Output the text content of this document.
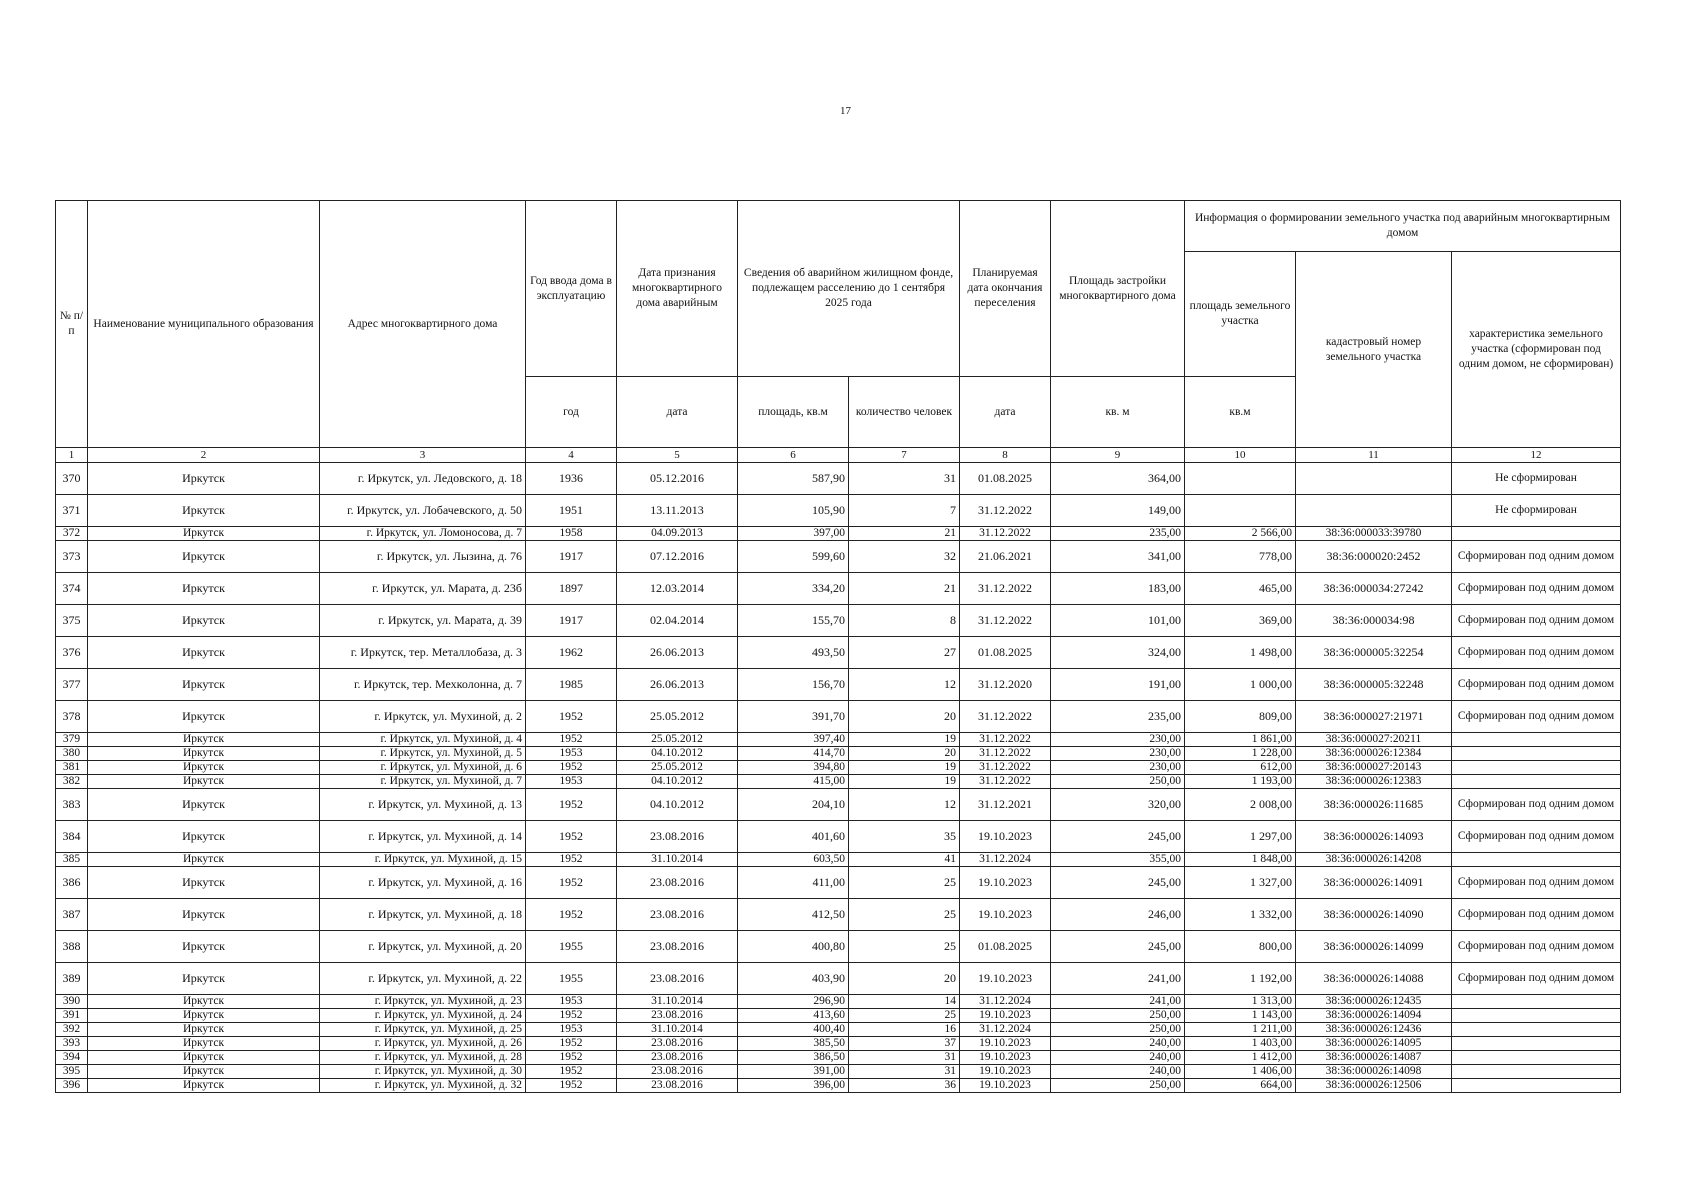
17
№ п/п	Наименование муниципального образования	Адрес многоквартирного дома	Год ввода дома в эксплуатацию	Дата признания многоквартирного дома аварийным	Сведения об аварийном жилищном фонде, подлежащем расселению до 1 сентября 2025 года		Планируемая дата окончания переселения	Площадь застройки многоквартирного дома	Информация о формировании земельного участка под аварийным многоквартирным домом		
									площадь земельного участка	кадастровый номер земельного участка	характеристика земельного участка (сформирован под одним домом, не сформирован)
			год	дата	площадь, кв.м	количество человек	дата	кв. м	кв.м		
1	2	3	4	5	6	7	8	9	10	11	12
370	Иркутск	г. Иркутск, ул. Ледовского, д. 18	1936	05.12.2016	587,90	31	01.08.2025	364,00			Не сформирован
371	Иркутск	г. Иркутск, ул. Лобачевского, д. 50	1951	13.11.2013	105,90	7	31.12.2022	149,00			Не сформирован
372	Иркутск	г. Иркутск, ул. Ломоносова, д. 7	1958	04.09.2013	397,00	21	31.12.2022	235,00	2 566,00	38:36:000033:39780	
373	Иркутск	г. Иркутск, ул. Лызина, д. 76	1917	07.12.2016	599,60	32	21.06.2021	341,00	778,00	38:36:000020:2452	Сформирован под одним домом
374	Иркутск	г. Иркутск, ул. Марата, д. 23б	1897	12.03.2014	334,20	21	31.12.2022	183,00	465,00	38:36:000034:27242	Сформирован под одним домом
375	Иркутск	г. Иркутск, ул. Марата, д. 39	1917	02.04.2014	155,70	8	31.12.2022	101,00	369,00	38:36:000034:98	Сформирован под одним домом
376	Иркутск	г. Иркутск, тер. Металлобаза, д. 3	1962	26.06.2013	493,50	27	01.08.2025	324,00	1 498,00	38:36:000005:32254	Сформирован под одним домом
377	Иркутск	г. Иркутск, тер. Мехколонна, д. 7	1985	26.06.2013	156,70	12	31.12.2020	191,00	1 000,00	38:36:000005:32248	Сформирован под одним домом
378	Иркутск	г. Иркутск, ул. Мухиной, д. 2	1952	25.05.2012	391,70	20	31.12.2022	235,00	809,00	38:36:000027:21971	Сформирован под одним домом
379	Иркутск	г. Иркутск, ул. Мухиной, д. 4	1952	25.05.2012	397,40	19	31.12.2022	230,00	1 861,00	38:36:000027:20211	
380	Иркутск	г. Иркутск, ул. Мухиной, д. 5	1953	04.10.2012	414,70	20	31.12.2022	230,00	1 228,00	38:36:000026:12384	
381	Иркутск	г. Иркутск, ул. Мухиной, д. 6	1952	25.05.2012	394,80	19	31.12.2022	230,00	612,00	38:36:000027:20143	
382	Иркутск	г. Иркутск, ул. Мухиной, д. 7	1953	04.10.2012	415,00	19	31.12.2022	250,00	1 193,00	38:36:000026:12383	
383	Иркутск	г. Иркутск, ул. Мухиной, д. 13	1952	04.10.2012	204,10	12	31.12.2021	320,00	2 008,00	38:36:000026:11685	Сформирован под одним домом
384	Иркутск	г. Иркутск, ул. Мухиной, д. 14	1952	23.08.2016	401,60	35	19.10.2023	245,00	1 297,00	38:36:000026:14093	Сформирован под одним домом
385	Иркутск	г. Иркутск, ул. Мухиной, д. 15	1952	31.10.2014	603,50	41	31.12.2024	355,00	1 848,00	38:36:000026:14208	
386	Иркутск	г. Иркутск, ул. Мухиной, д. 16	1952	23.08.2016	411,00	25	19.10.2023	245,00	1 327,00	38:36:000026:14091	Сформирован под одним домом
387	Иркутск	г. Иркутск, ул. Мухиной, д. 18	1952	23.08.2016	412,50	25	19.10.2023	246,00	1 332,00	38:36:000026:14090	Сформирован под одним домом
388	Иркутск	г. Иркутск, ул. Мухиной, д. 20	1955	23.08.2016	400,80	25	01.08.2025	245,00	800,00	38:36:000026:14099	Сформирован под одним домом
389	Иркутск	г. Иркутск, ул. Мухиной, д. 22	1955	23.08.2016	403,90	20	19.10.2023	241,00	1 192,00	38:36:000026:14088	Сформирован под одним домом
390	Иркутск	г. Иркутск, ул. Мухиной, д. 23	1953	31.10.2014	296,90	14	31.12.2024	241,00	1 313,00	38:36:000026:12435	
391	Иркутск	г. Иркутск, ул. Мухиной, д. 24	1952	23.08.2016	413,60	25	19.10.2023	250,00	1 143,00	38:36:000026:14094	
392	Иркутск	г. Иркутск, ул. Мухиной, д. 25	1953	31.10.2014	400,40	16	31.12.2024	250,00	1 211,00	38:36:000026:12436	
393	Иркутск	г. Иркутск, ул. Мухиной, д. 26	1952	23.08.2016	385,50	37	19.10.2023	240,00	1 403,00	38:36:000026:14095	
394	Иркутск	г. Иркутск, ул. Мухиной, д. 28	1952	23.08.2016	386,50	31	19.10.2023	240,00	1 412,00	38:36:000026:14087	
395	Иркутск	г. Иркутск, ул. Мухиной, д. 30	1952	23.08.2016	391,00	31	19.10.2023	240,00	1 406,00	38:36:000026:14098	
396	Иркутск	г. Иркутск, ул. Мухиной, д. 32	1952	23.08.2016	396,00	36	19.10.2023	250,00	664,00	38:36:000026:12506	
